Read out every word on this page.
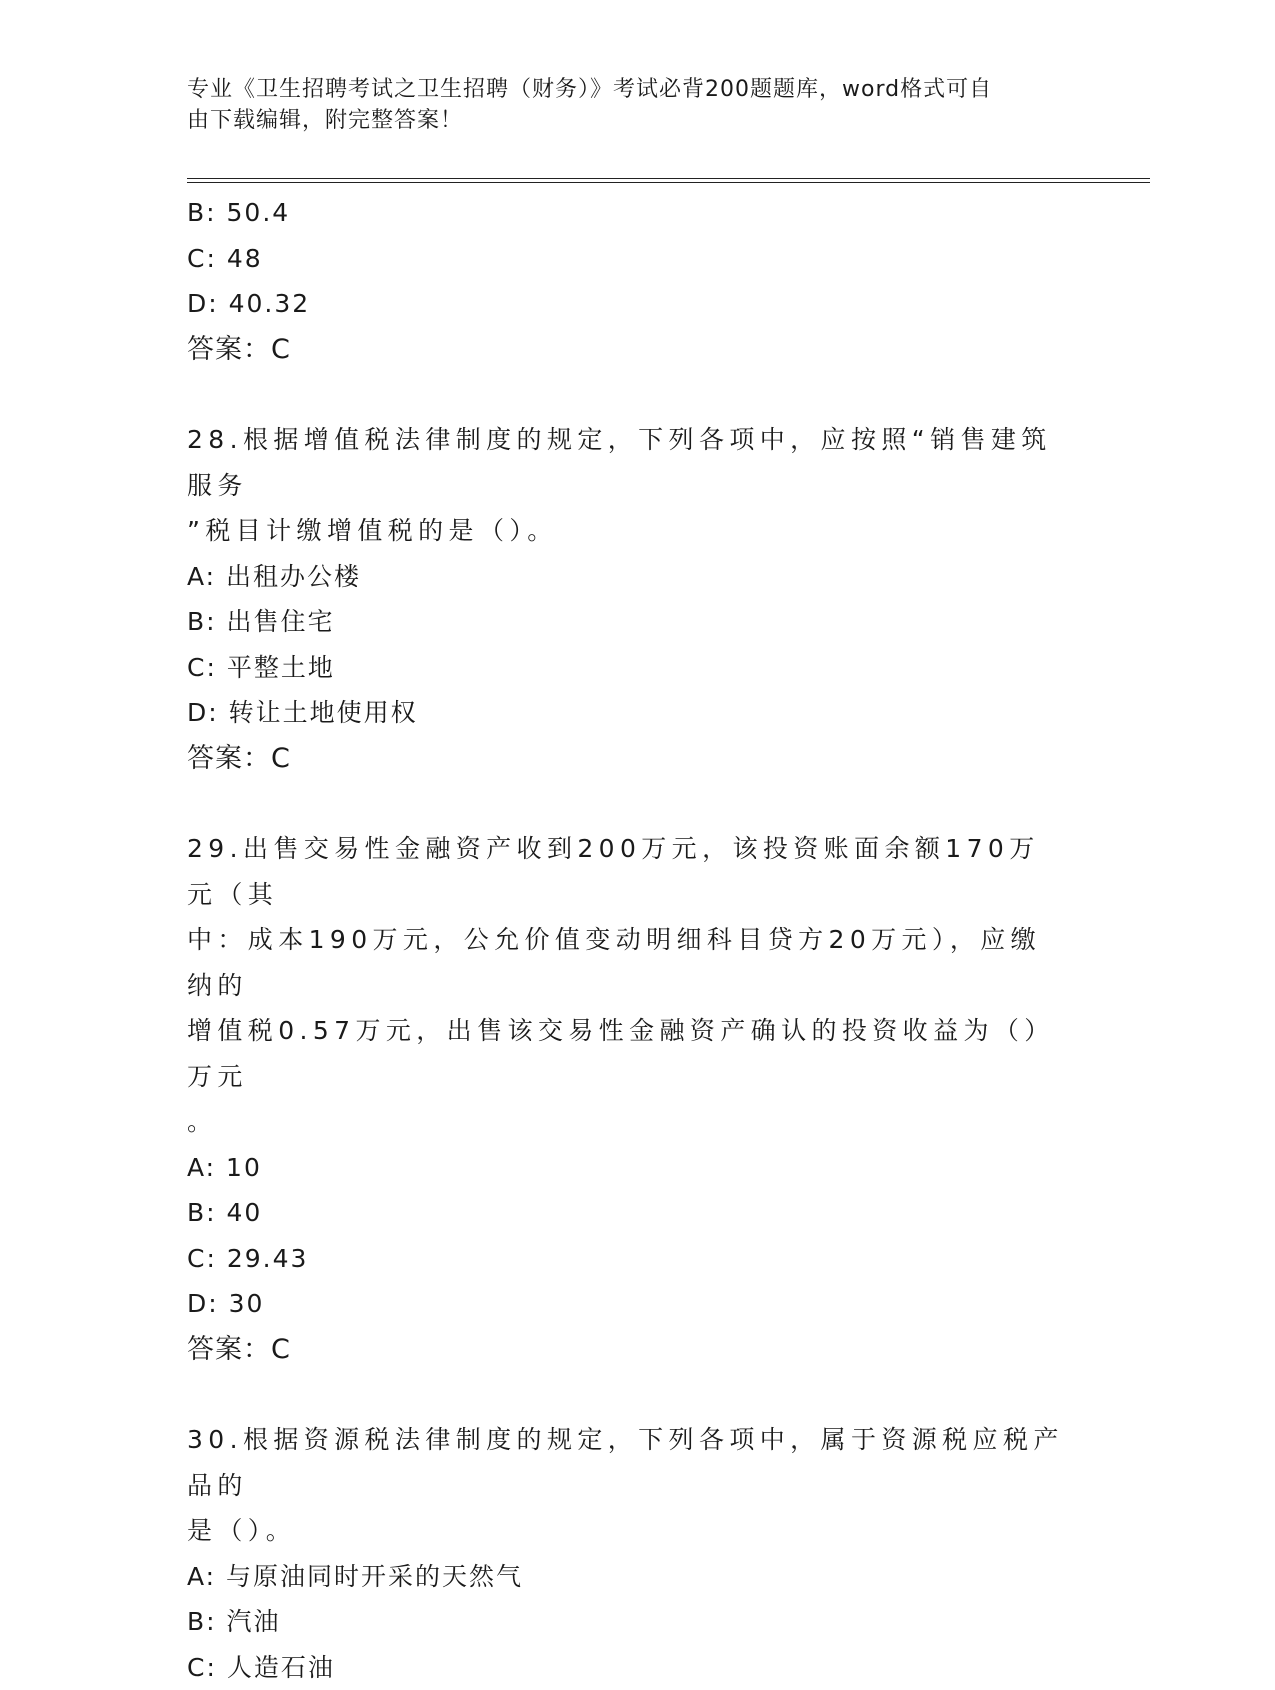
专业《卫生招聘考试之卫生招聘（财务）》考试必背200题题库，word格式可自
由下载编辑，附完整答案！
B: 50.4
C: 48
D: 40.32
答案：C
28.根据增值税法律制度的规定，下列各项中，应按照“销售建筑服务
”税目计缴增值税的是（）。
A: 出租办公楼
B: 出售住宅
C: 平整土地
D: 转让土地使用权
答案：C
29.出售交易性金融资产收到200万元，该投资账面余额170万元（其
中：成本190万元，公允价值变动明细科目贷方20万元），应缴纳的
增值税0.57万元，出售该交易性金融资产确认的投资收益为（）万元
。
A: 10
B: 40
C: 29.43
D: 30
答案：C
30.根据资源税法律制度的规定，下列各项中，属于资源税应税产品的
是（）。
A: 与原油同时开采的天然气
B: 汽油
C: 人造石油
